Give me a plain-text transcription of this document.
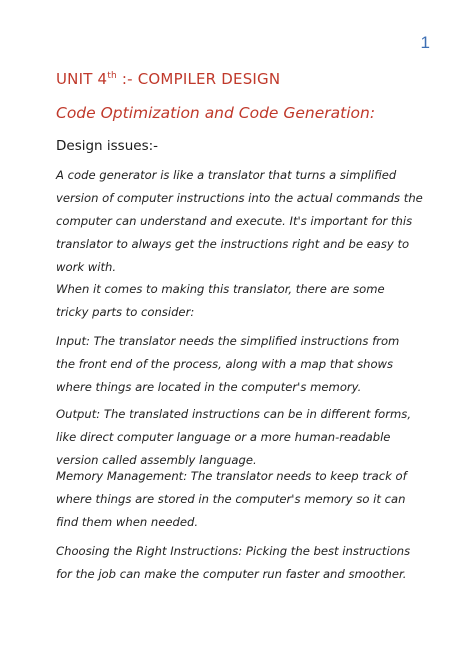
1
UNIT 4th :- COMPILER DESIGN
Code Optimization and Code Generation:
Design issues:-
A code generator is like a translator that turns a simplified
version of computer instructions into the actual commands the
computer can understand and execute. It's important for this
translator to always get the instructions right and be easy to
work with.
When it comes to making this translator, there are some
tricky parts to consider:
Input: The translator needs the simplified instructions from
the front end of the process, along with a map that shows
where things are located in the computer's memory.
Output: The translated instructions can be in different forms,
like direct computer language or a more human-readable
version called assembly language.
Memory Management: The translator needs to keep track of
where things are stored in the computer's memory so it can
find them when needed.
Choosing the Right Instructions: Picking the best instructions
for the job can make the computer run faster and smoother.
